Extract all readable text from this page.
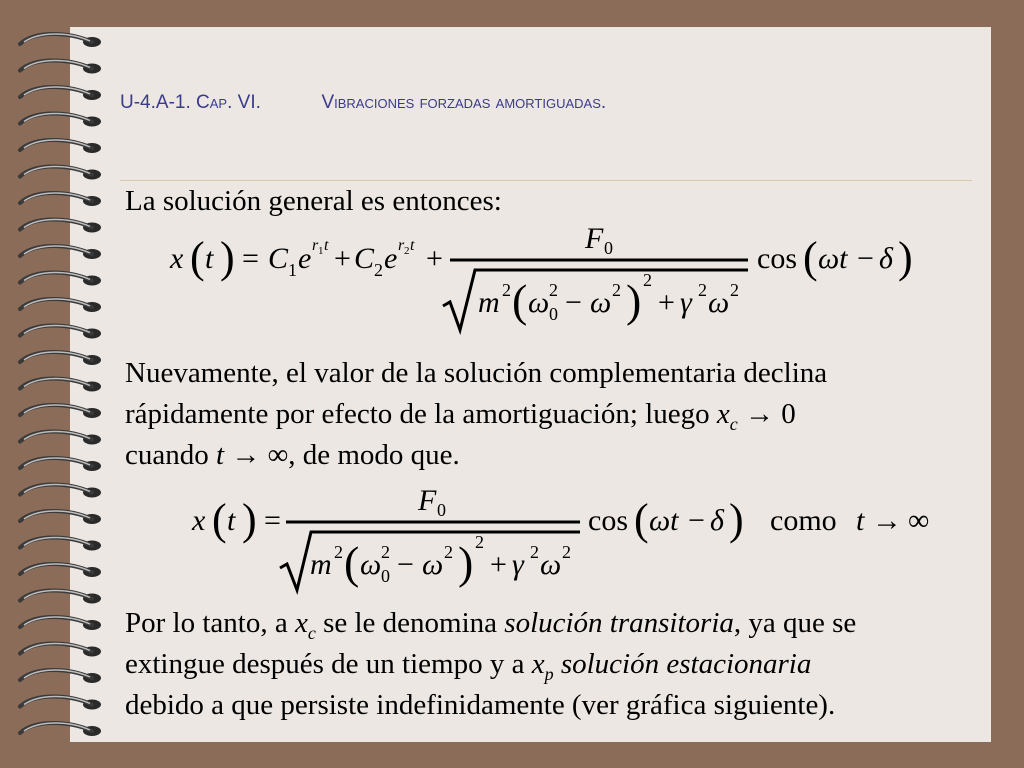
U-4.A-1. Cap. VI.	Vibraciones forzadas amortiguadas.
La solución general es entonces:
x ( t ) = C 1 e r 1 t + C 2 e r 2 t +
F 0
m 2 ( ω 2
0 − ω 2 ) 2
+ γ 2 ω 2
cos ( ωt − δ )
Nuevamente, el valor de la solución complementaria declina
rápidamente por efecto de la amortiguación; luego $x_c \to 0$
cuando t → ∞, de modo que.
x ( t ) =
F 0
m 2 ( ω 2
0 − ω 2 ) 2
+ γ 2 ω 2
cos ( ωt − δ ) como t → ∞
Por lo tanto, a $x_c$ se le denomina solución transitoria, ya que se
extingue después de un tiempo y a $x_p$ solución estacionaria
debido a que persiste indefinidamente (ver gráfica siguiente).
